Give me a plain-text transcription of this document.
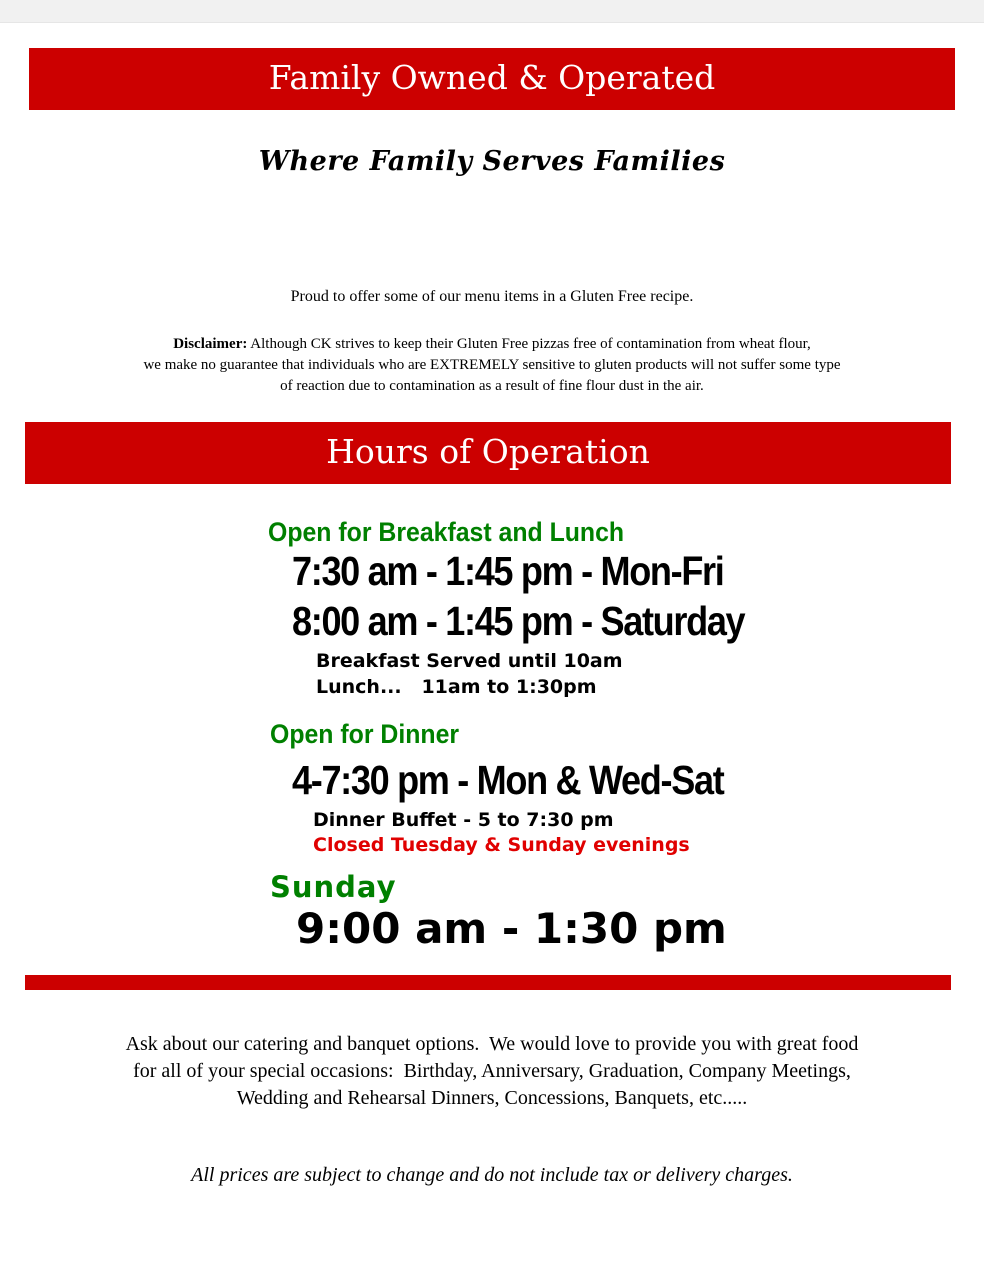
Family Owned & Operated
Where Family Serves Families
Proud to offer some of our menu items in a Gluten Free recipe.
Disclaimer: Although CK strives to keep their Gluten Free pizzas free of contamination from wheat flour,
we make no guarantee that individuals who are EXTREMELY sensitive to gluten products will not suffer some type
of reaction due to contamination as a result of fine flour dust in the air.
Hours of Operation
Open for Breakfast and Lunch
7:30 am - 1:45 pm - Mon-Fri
8:00 am - 1:45 pm - Saturday
Breakfast Served until 10am
Lunch...   11am to 1:30pm
Open for Dinner
4-7:30 pm - Mon & Wed-Sat
Dinner Buffet - 5 to 7:30 pm
Closed Tuesday & Sunday evenings
Sunday
9:00 am - 1:30 pm
Ask about our catering and banquet options.  We would love to provide you with great food
for all of your special occasions:  Birthday, Anniversary, Graduation, Company Meetings,
Wedding and Rehearsal Dinners, Concessions, Banquets, etc.....
All prices are subject to change and do not include tax or delivery charges.
